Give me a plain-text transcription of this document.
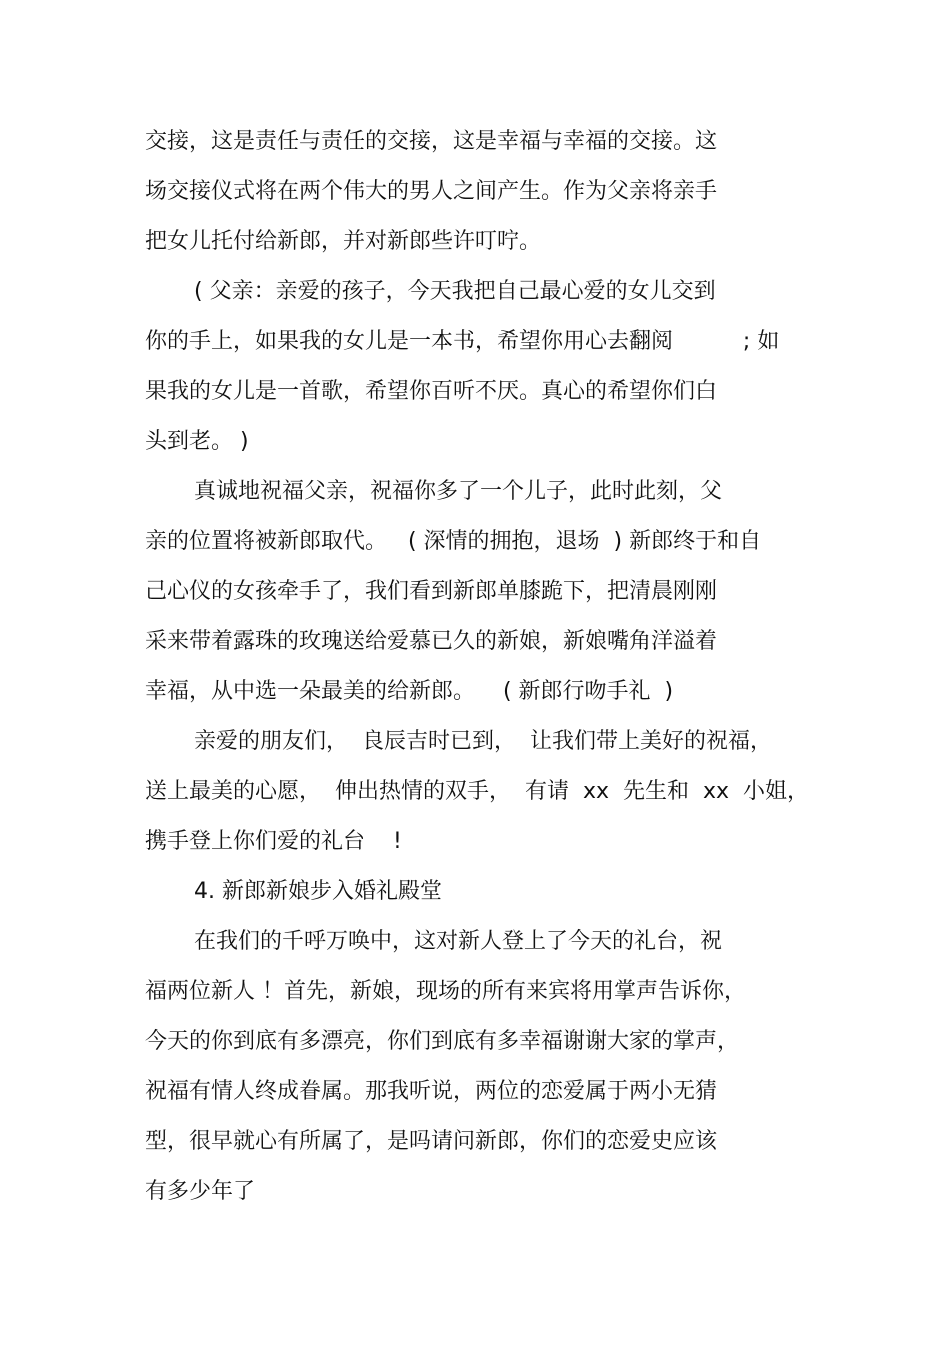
交接，这是责任与责任的交接，这是幸福与幸福的交接。这
场交接仪式将在两个伟大的男人之间产生。作为父亲将亲手
把女儿托付给新郎，并对新郎些许叮咛。
( 父亲：亲爱的孩子，今天我把自己最心爱的女儿交到
你的手上，如果我的女儿是一本书，希望你用心去翻阅          ; 如
果我的女儿是一首歌，希望你百听不厌。真心的希望你们白
头到老。 )
真诚地祝福父亲，祝福你多了一个儿子，此时此刻，父
亲的位置将被新郎取代。   ( 深情的拥抱，退场  ) 新郎终于和自
己心仪的女孩牵手了，我们看到新郎单膝跪下，把清晨刚刚
采来带着露珠的玫瑰送给爱慕已久的新娘，新娘嘴角洋溢着
幸福，从中选一朵最美的给新郎。    ( 新郎行吻手礼  )
亲爱的朋友们，  良辰吉时已到，  让我们带上美好的祝福，
送上最美的心愿，  伸出热情的双手，  有请  xx  先生和  xx  小姐，
携手登上你们爱的礼台    !
4. 新郎新娘步入婚礼殿堂
在我们的千呼万唤中，这对新人登上了今天的礼台，祝
福两位新人 ！首先，新娘，现场的所有来宾将用掌声告诉你，
今天的你到底有多漂亮，你们到底有多幸福谢谢大家的掌声，
祝福有情人终成眷属。那我听说，两位的恋爱属于两小无猜
型，很早就心有所属了，是吗请问新郎，你们的恋爱史应该
有多少年了
